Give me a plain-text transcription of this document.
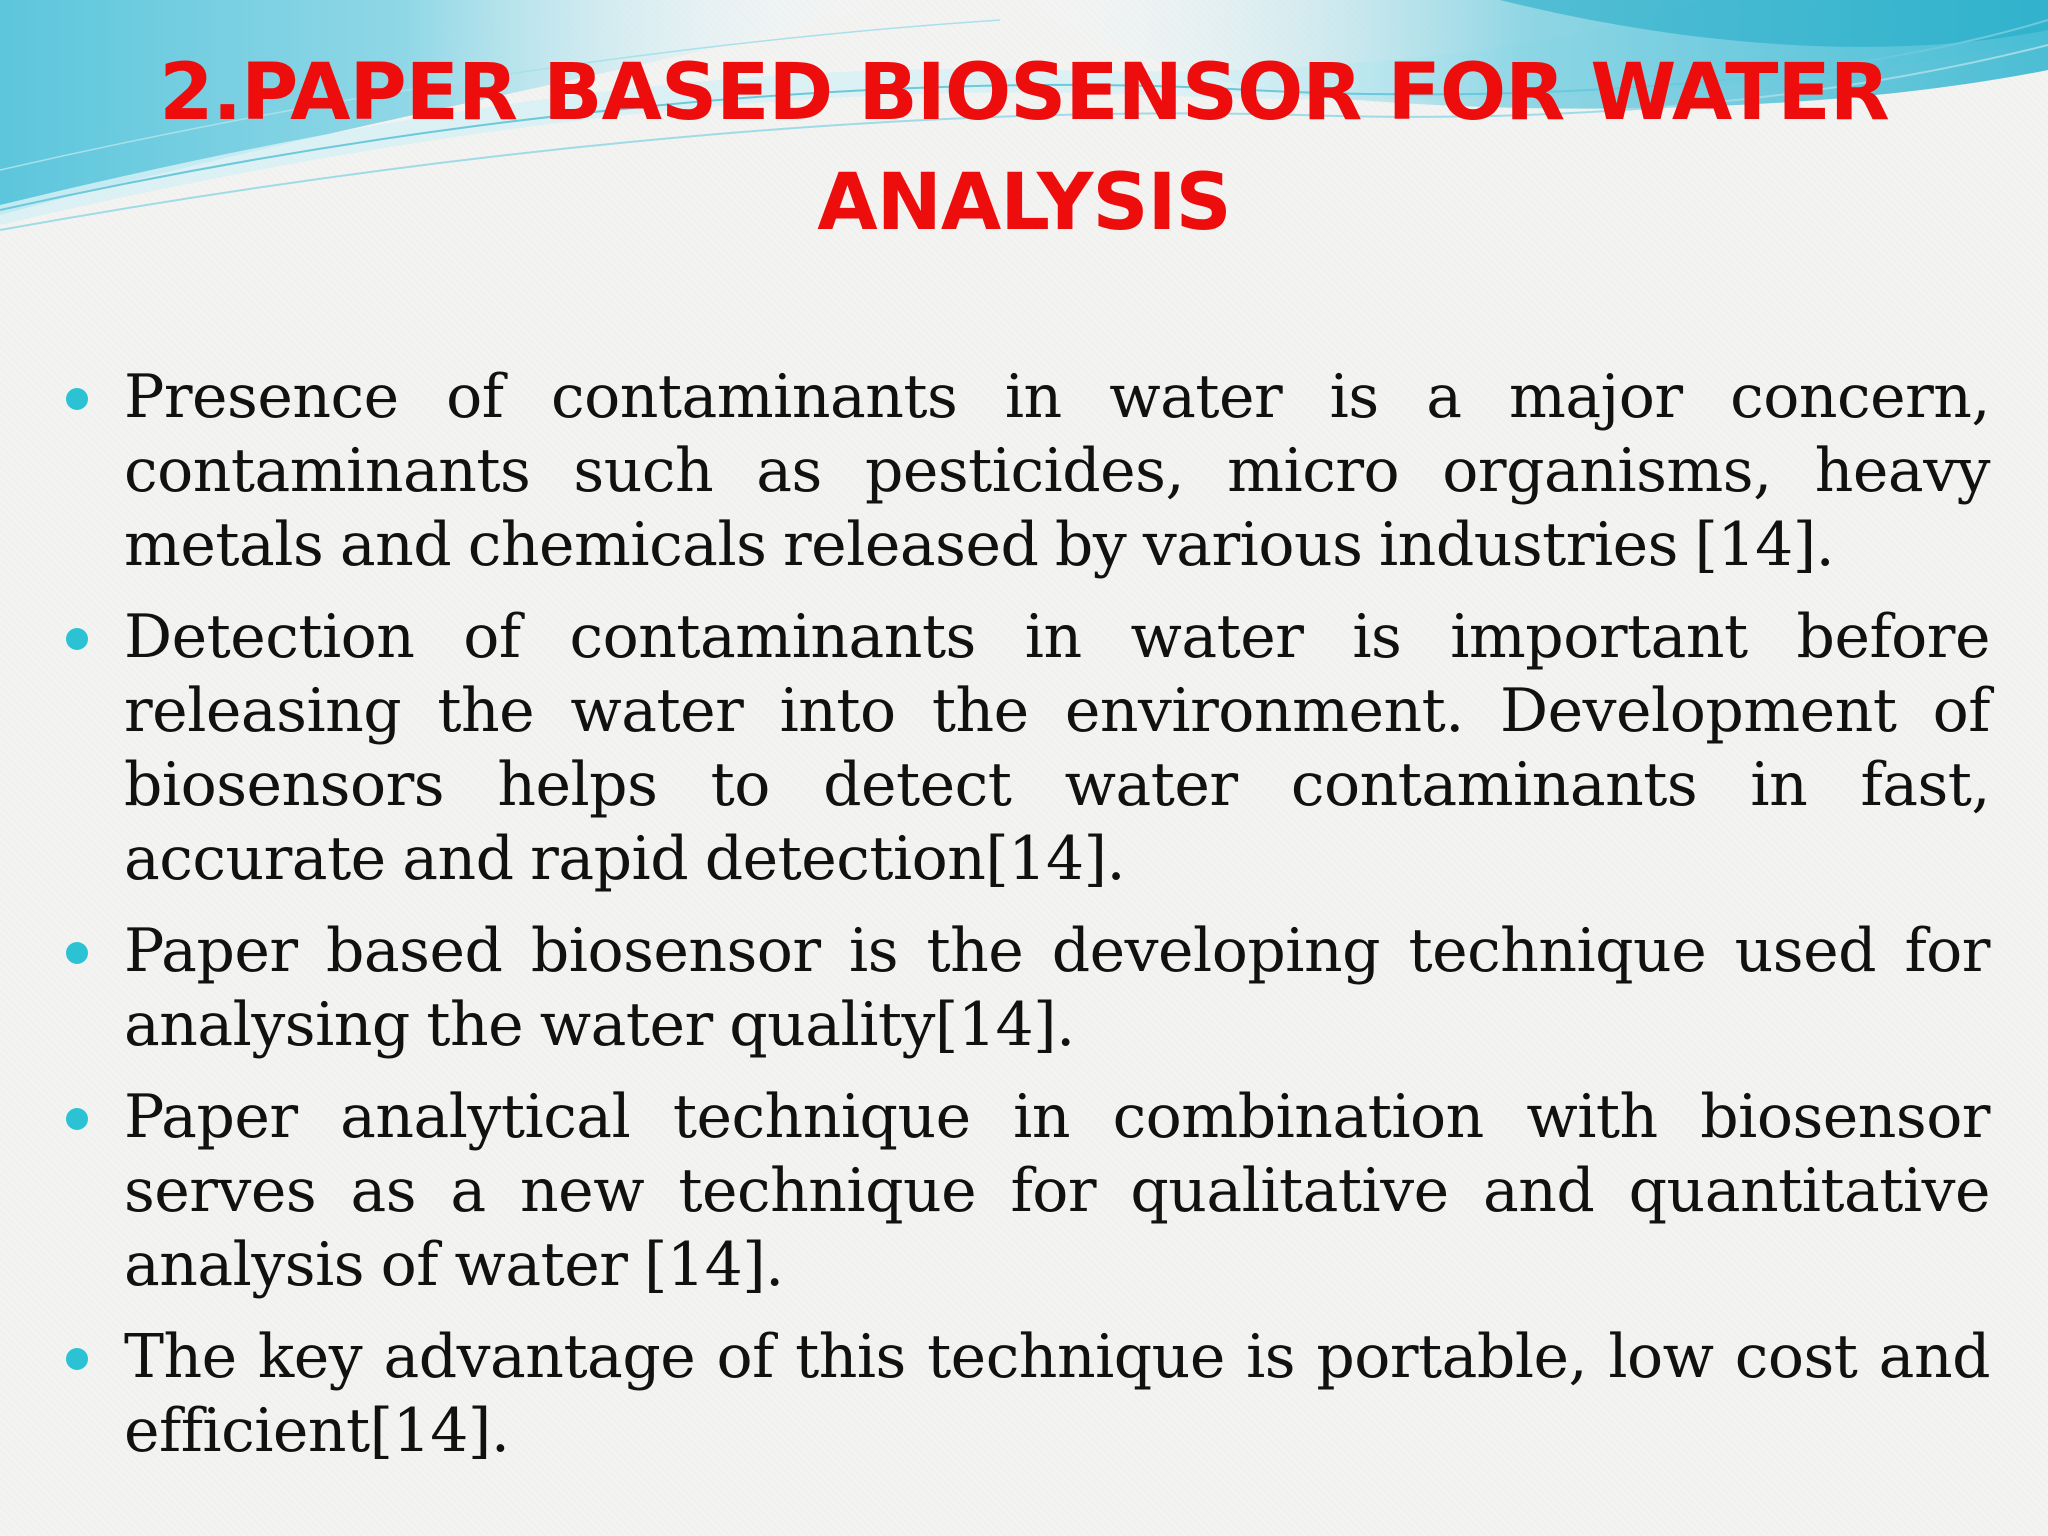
2.PAPER BASED BIOSENSOR FOR WATER ANALYSIS
Presence of contaminants in water is a major concern, contaminants such as pesticides, micro organisms, heavy metals and chemicals released by various industries [14].
Detection of contaminants in water is important before releasing the water into the environment. Development of biosensors helps to detect water contaminants in fast, accurate and rapid detection[14].
Paper based biosensor is the developing technique used for analysing the water quality[14].
Paper analytical technique in combination with biosensor serves as a new technique for qualitative and quantitative analysis of water [14].
The key advantage of this technique is portable, low cost and efficient[14].
